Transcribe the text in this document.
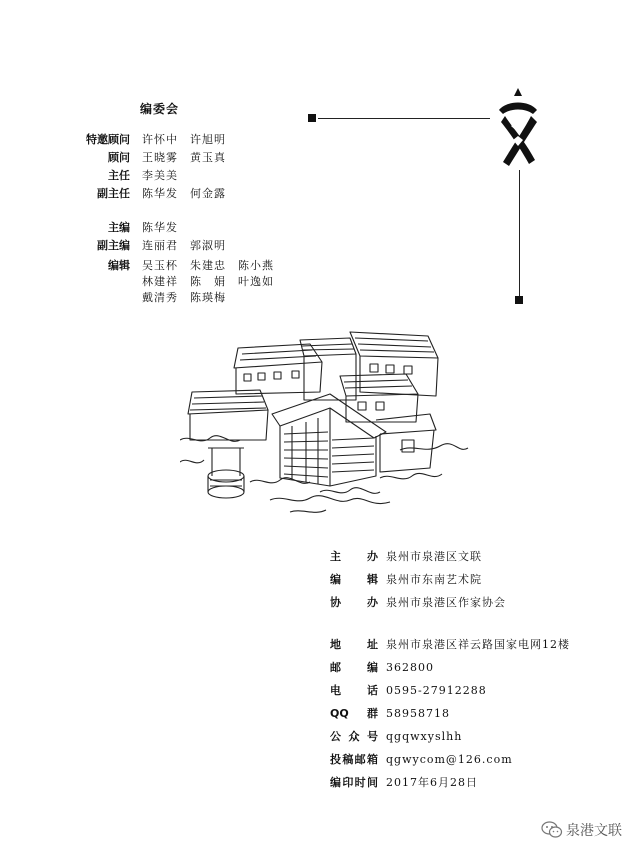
编委会
特邀顾问 许怀中　许旭明
顾问 王晓雾　黄玉真
主任 李美美
副主任 陈华发　何金露
主编 陈华发
副主编 连丽君　郭淑明
编辑 吴玉杯　朱建忠　陈小燕
林建祥　陈　娟　叶逸如
戴清秀　陈瑛梅
主办 泉州市泉港区文联
编辑 泉州市东南艺术院
协办 泉州市泉港区作家协会
地址 泉州市泉港区祥云路国家电网12楼
邮编 362800
电话 0595-27912288
QQ群 58958718
公众号 qgqwxyslhh
投稿邮箱 qgwycom@126.com
编印时间 2017年6月28日
泉港文联
